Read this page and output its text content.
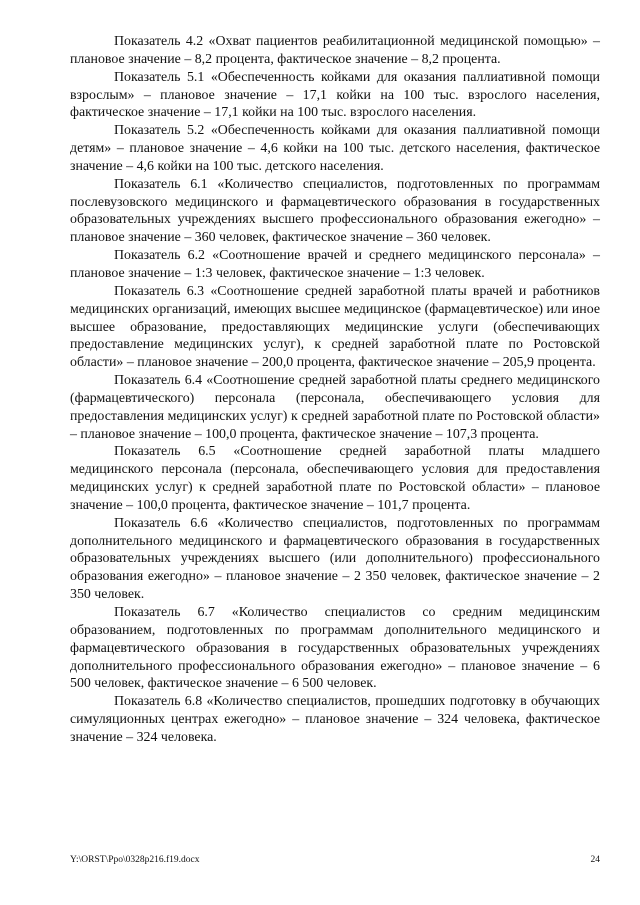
Показатель 4.2 «Охват пациентов реабилитационной медицинской помощью» – плановое значение – 8,2 процента, фактическое значение – 8,2 процента.

Показатель 5.1 «Обеспеченность койками для оказания паллиативной помощи взрослым» – плановое значение – 17,1 койки на 100 тыс. взрослого населения, фактическое значение – 17,1 койки на 100 тыс. взрослого населения.

Показатель 5.2 «Обеспеченность койками для оказания паллиативной помощи детям» – плановое значение – 4,6 койки на 100 тыс. детского населения, фактическое значение – 4,6 койки на 100 тыс. детского населения.

Показатель 6.1 «Количество специалистов, подготовленных по программам послевузовского медицинского и фармацевтического образования в государственных образовательных учреждениях высшего профессионального образования ежегодно» – плановое значение – 360 человек, фактическое значение – 360 человек.

Показатель 6.2 «Соотношение врачей и среднего медицинского персонала» – плановое значение – 1:3 человек, фактическое значение – 1:3 человек.

Показатель 6.3 «Соотношение средней заработной платы врачей и работников медицинских организаций, имеющих высшее медицинское (фармацевтическое) или иное высшее образование, предоставляющих медицинские услуги (обеспечивающих предоставление медицинских услуг), к средней заработной плате по Ростовской области» – плановое значение – 200,0 процента, фактическое значение – 205,9 процента.

Показатель 6.4 «Соотношение средней заработной платы среднего медицинского (фармацевтического) персонала (персонала, обеспечивающего условия для предоставления медицинских услуг) к средней заработной плате по Ростовской области» – плановое значение – 100,0 процента, фактическое значение – 107,3 процента.

Показатель 6.5 «Соотношение средней заработной платы младшего медицинского персонала (персонала, обеспечивающего условия для предоставления медицинских услуг) к средней заработной плате по Ростовской области» – плановое значение – 100,0 процента, фактическое значение – 101,7 процента.

Показатель 6.6 «Количество специалистов, подготовленных по программам дополнительного медицинского и фармацевтического образования в государственных образовательных учреждениях высшего (или дополнительного) профессионального образования ежегодно» – плановое значение – 2 350 человек, фактическое значение – 2 350 человек.

Показатель 6.7 «Количество специалистов со средним медицинским образованием, подготовленных по программам дополнительного медицинского и фармацевтического образования в государственных образовательных учреждениях дополнительного профессионального образования ежегодно» – плановое значение – 6 500 человек, фактическое значение – 6 500 человек.

Показатель 6.8 «Количество специалистов, прошедших подготовку в обучающих симуляционных центрах ежегодно» – плановое значение – 324 человека, фактическое значение – 324 человека.

Y:\ORST\Ppo\0328p216.f19.docx	24
